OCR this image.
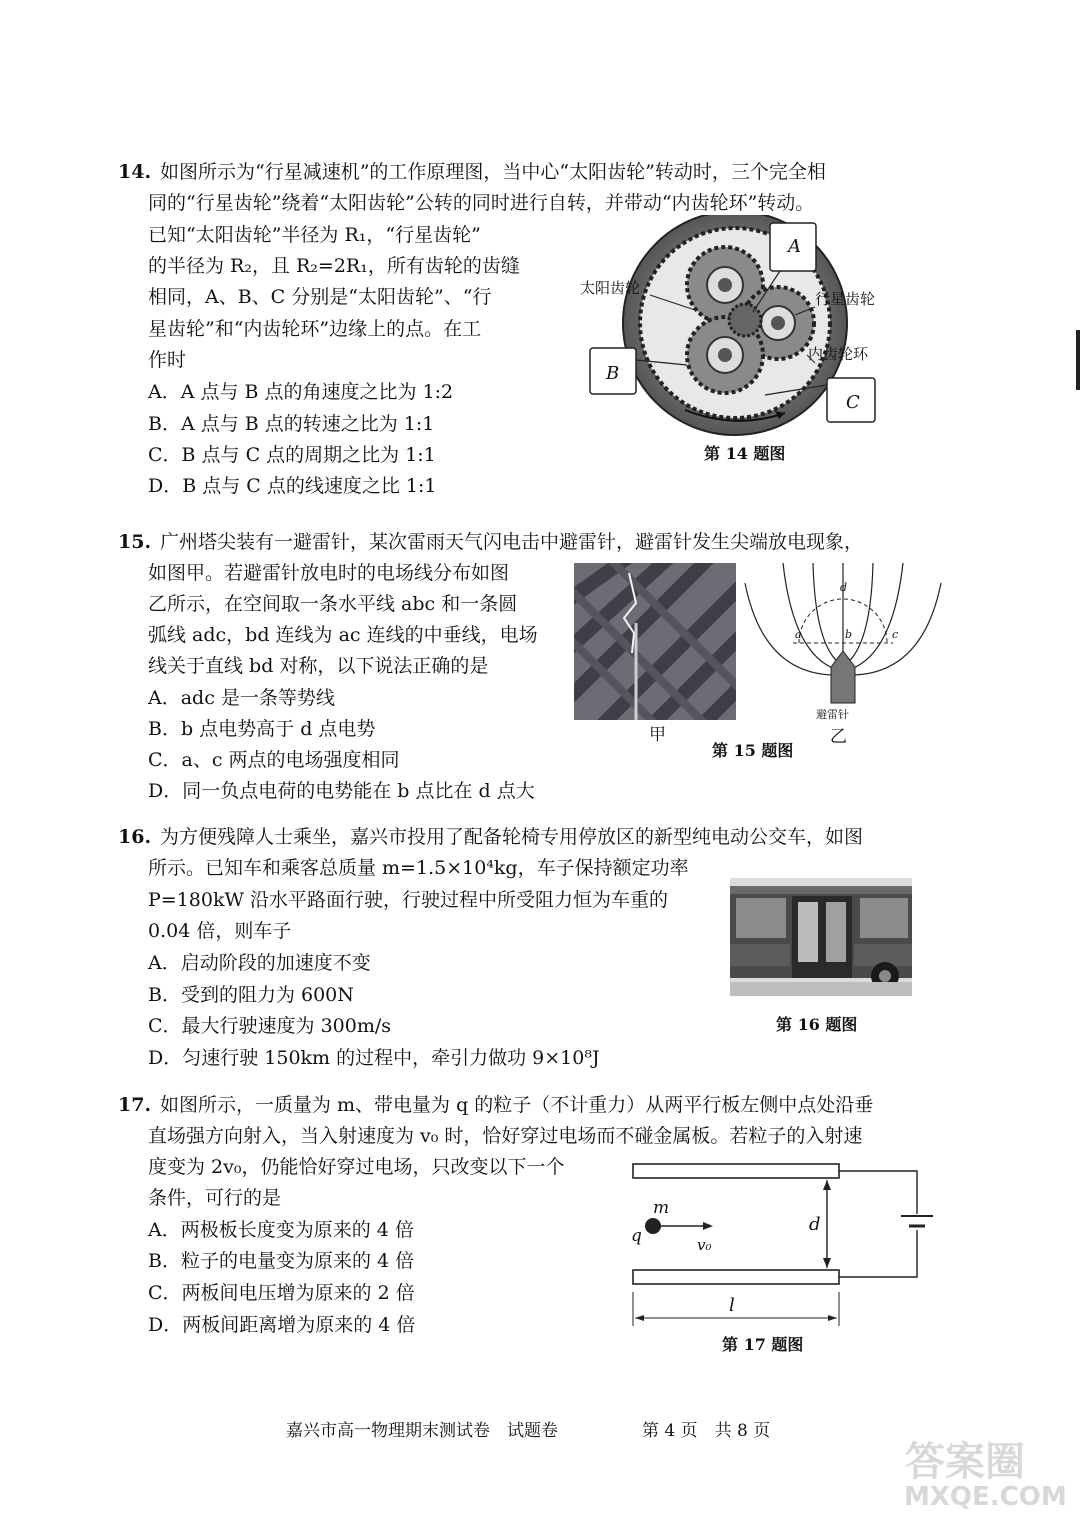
14. 如图所示为“行星减速机”的工作原理图，当中心“太阳齿轮”转动时，三个完全相
同的“行星齿轮”绕着“太阳齿轮”公转的同时进行自转，并带动“内齿轮环”转动。
已知“太阳齿轮”半径为 R₁，“行星齿轮”
的半径为 R₂，且 R₂=2R₁，所有齿轮的齿缝
相同，A、B、C 分别是“太阳齿轮”、“行
星齿轮”和“内齿轮环”边缘上的点。在工
作时
A．A 点与 B 点的角速度之比为 1:2
B．A 点与 B 点的转速之比为 1:1
C．B 点与 C 点的周期之比为 1:1
D．B 点与 C 点的线速度之比 1:1
A
B
C
太阳齿轮
行星齿轮
内齿轮环
第 14 题图
15. 广州塔尖装有一避雷针，某次雷雨天气闪电击中避雷针，避雷针发生尖端放电现象，
如图甲。若避雷针放电时的电场线分布如图
乙所示，在空间取一条水平线 abc 和一条圆
弧线 adc，bd 连线为 ac 连线的中垂线，电场
线关于直线 bd 对称，以下说法正确的是
A．adc 是一条等势线
B．b 点电势高于 d 点电势
C．a、c 两点的电场强度相同
D．同一负点电荷的电势能在 b 点比在 d 点大
甲
d
a	b	c
避雷针
乙
第 15 题图
16. 为方便残障人士乘坐，嘉兴市投用了配备轮椅专用停放区的新型纯电动公交车，如图
所示。已知车和乘客总质量 m=1.5×10⁴kg，车子保持额定功率
P=180kW 沿水平路面行驶，行驶过程中所受阻力恒为车重的
0.04 倍，则车子
A．启动阶段的加速度不变
B．受到的阻力为 600N
C．最大行驶速度为 300m/s
D．匀速行驶 150km 的过程中，牵引力做功 9×10⁸J
第 16 题图
17. 如图所示，一质量为 m、带电量为 q 的粒子（不计重力）从两平行板左侧中点处沿垂
直场强方向射入，当入射速度为 v₀ 时，恰好穿过电场而不碰金属板。若粒子的入射速
度变为 2v₀，仍能恰好穿过电场，只改变以下一个
条件，可行的是
A．两极板长度变为原来的 4 倍
B．粒子的电量变为原来的 4 倍
C．两板间电压增为原来的 2 倍
D．两板间距离增为原来的 4 倍
m
q	v₀
d
l
第 17 题图
嘉兴市高一物理期末测试卷　试题卷	第 4 页　共 8 页
答案圈
MXQE.COM
